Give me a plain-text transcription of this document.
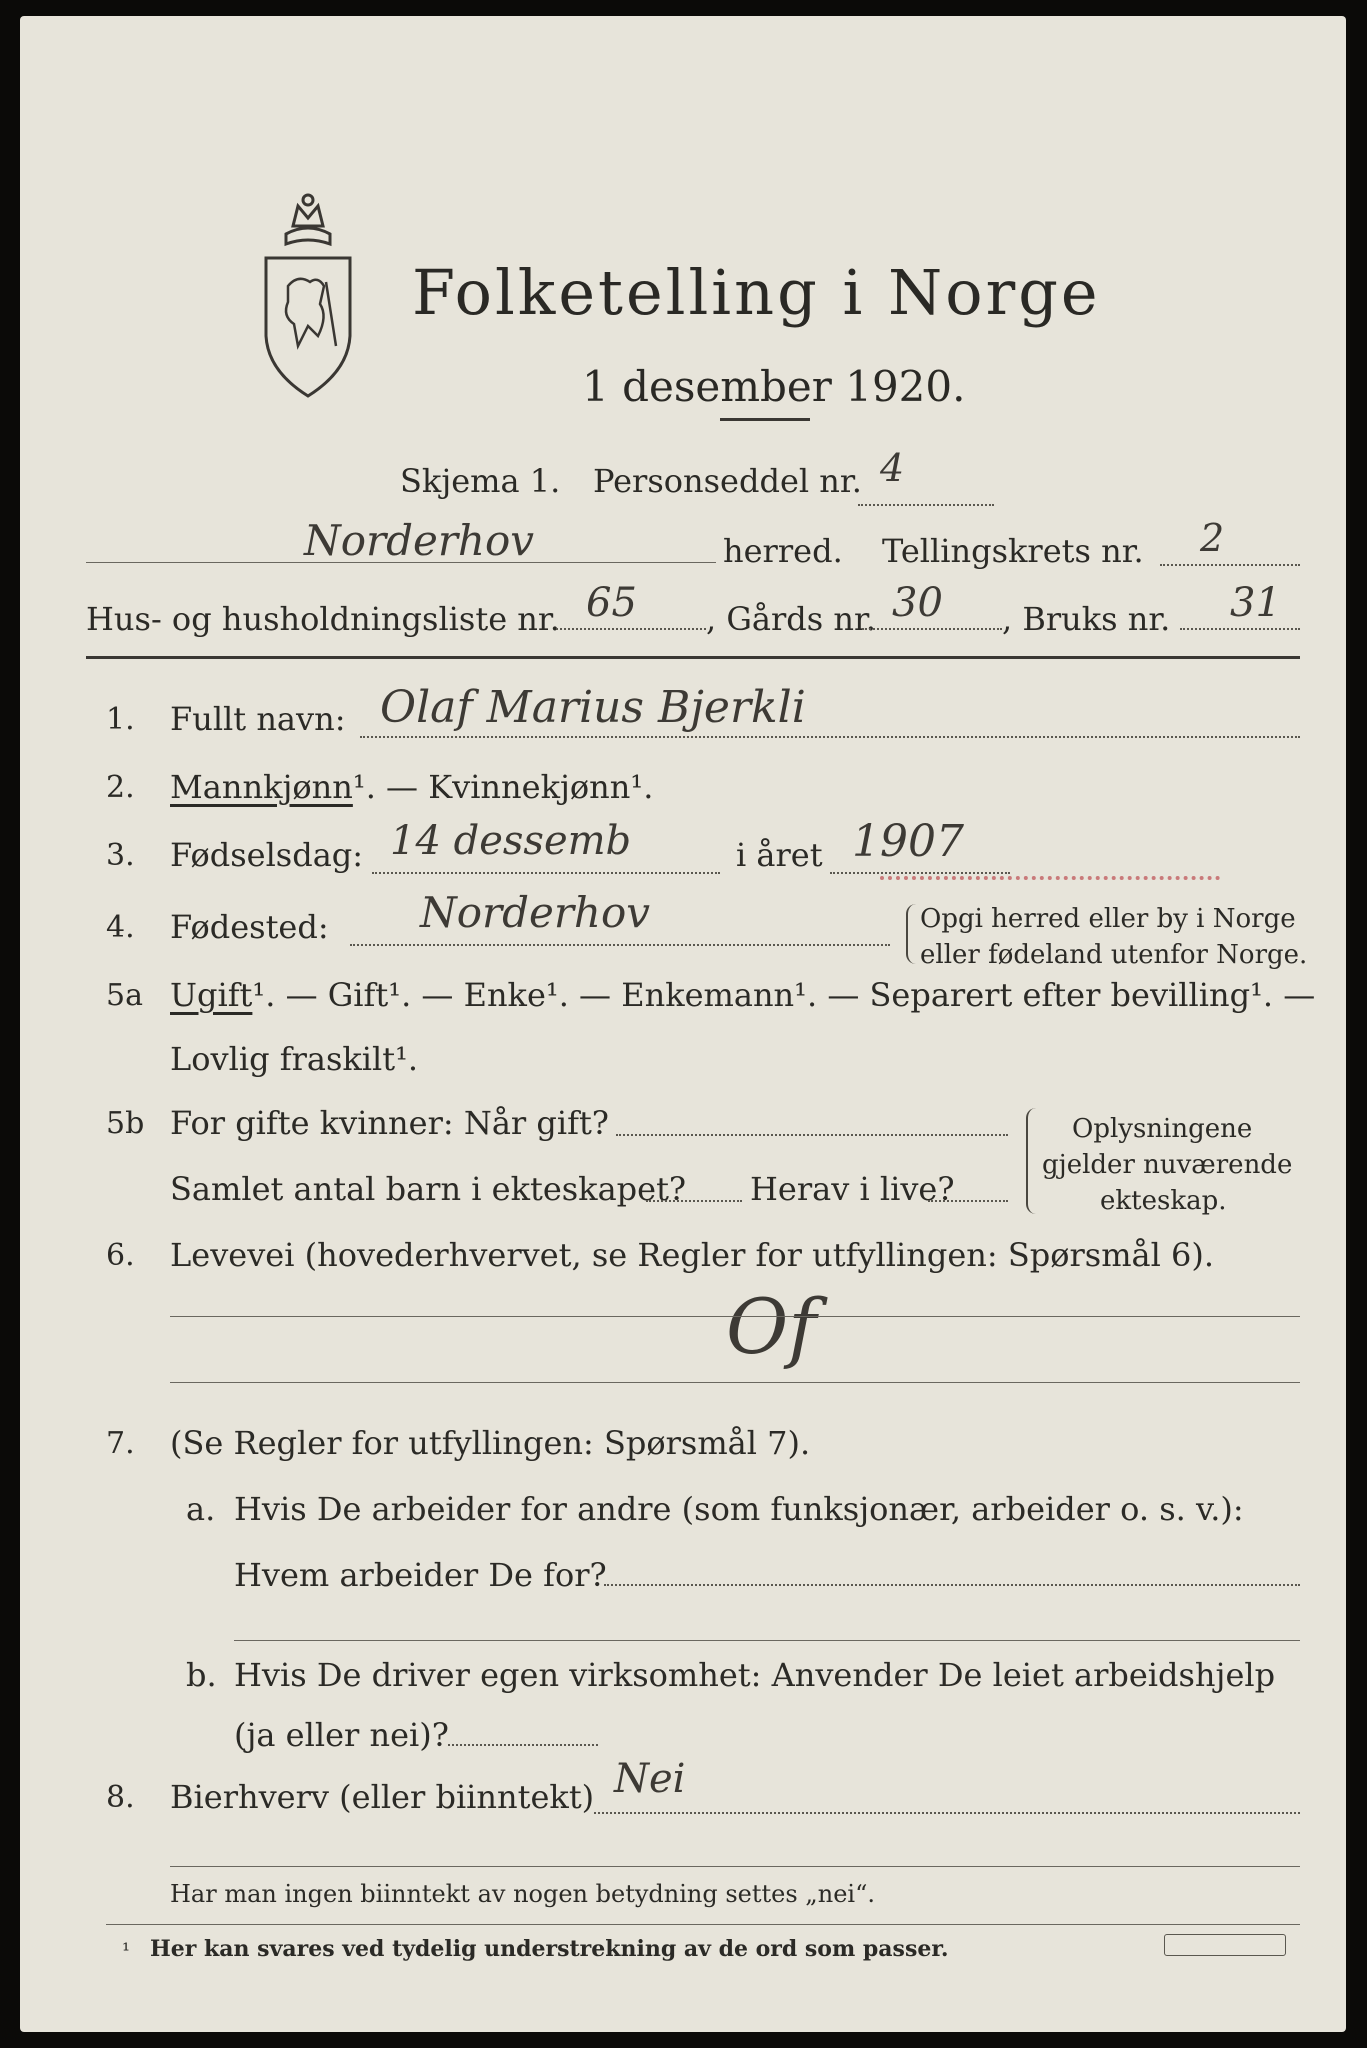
Folketelling i Norge
1 desember 1920.
Skjema 1. Personseddel nr. 4
Norderhov	herred. Tellingskrets nr. 2
Hus- og husholdningsliste nr. 65 , Gårds nr. 30 , Bruks nr. 31
1. Fullt navn: Olaf Marius Bjerkli
2. Mannkjønn¹. — Kvinnekjønn¹.
3. Fødselsdag: 14 dessemb	i året 1907
4. Fødested: Norderhov	Opgi herred eller by i Norge
eller fødeland utenfor Norge.
5a Ugift¹. — Gift¹. — Enke¹. — Enkemann¹. — Separert efter bevilling¹. —
Lovlig fraskilt¹.
5b For gifte kvinner: Når gift?
Samlet antal barn i ekteskapet? Herav i live?
Oplysningene
gjelder nuværende
ekteskap.
6. Levevei (hovederhvervet, se Regler for utfyllingen: Spørsmål 6).
Of
7. (Se Regler for utfyllingen: Spørsmål 7).
a. Hvis De arbeider for andre (som funksjonær, arbeider o. s. v.):
Hvem arbeider De for?
b. Hvis De driver egen virksomhet: Anvender De leiet arbeidshjelp
(ja eller nei)?
8. Bierhverv (eller biinntekt) Nei
Har man ingen biinntekt av nogen betydning settes „nei“.
¹ Her kan svares ved tydelig understrekning av de ord som passer.
